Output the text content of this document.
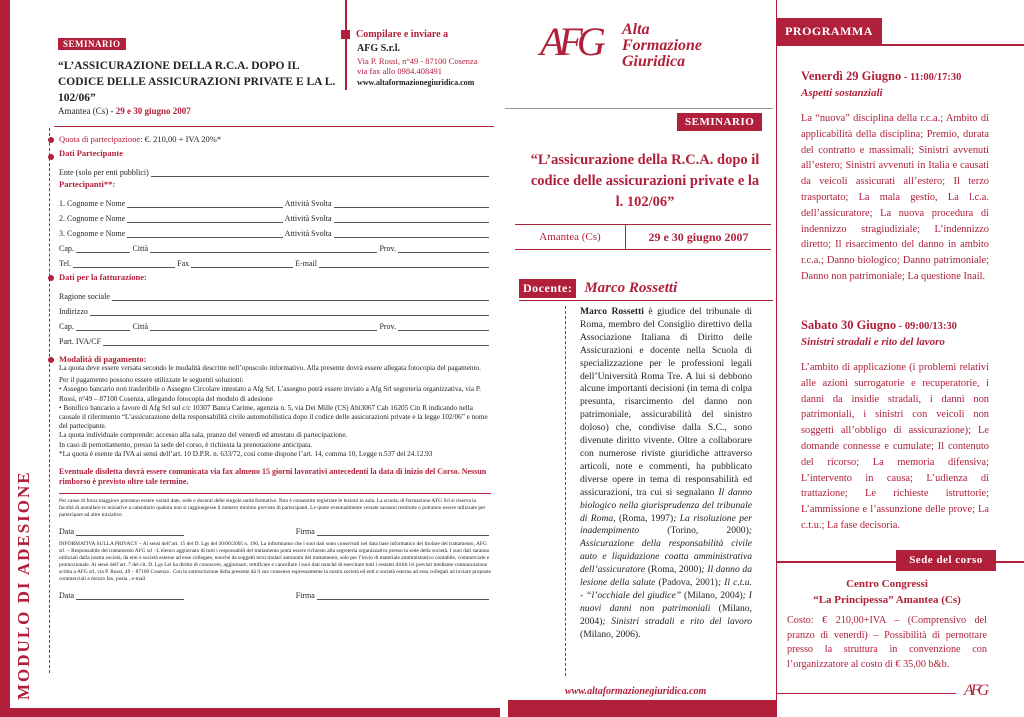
MODULO DI ADESIONE
SEMINARIO
“L’ASSICURAZIONE DELLA R.C.A. DOPO IL CODICE DELLE ASSICURAZIONI PRIVATE E LA L. 102/06”
Amantea (Cs) - 29 e 30 giugno 2007
Quota di partecipazione: €. 210,00 + IVA 20%*
Dati Partecipante
Ente (solo per enti pubblici)
Partecipanti**:
1. Cognome e Nome	Attività Svolta
2. Cognome e Nome	Attività Svolta
3. Cognome e Nome	Attività Svolta
Cap.	Città	Prov.
Tel.	Fax	E-mail
Dati per la fatturazione:
Ragione sociale
Indirizzo
Cap.	Città	Prov.
Part. IVA/CF
Modalità di pagamento:
La quota deve essere versata secondo le modalità descritte nell’opuscolo informativo. Alla presente dovrà essere allegata fotocopia del pagamento.
Per il pagamento possono essere utilizzate le seguenti soluzioni:
• Assegno bancario non trasferibile o Assegno Circolare intestato a Afg Srl. L’assegno potrà essere inviato a Afg Srl segreteria organizzativa, via P. Rossi, n°49 – 87100 Cosenza, allegando fotocopia del modulo di adesione
• Bonifico bancario a favore di Afg Srl sul c/c 10307 Banca Carime, agenzia n. 5, via Dei Mille (CS) Abi3067 Cab 16205 Cin R indicando nella causale il riferimento “L’assicurazione della responsabilità civile automobilistica dopo il codice delle assicurazioni private e la legge 102/06” e nome del partecipante.
La quota individuale comprende: accesso alla sala, pranzo del venerdì ed attestato di partecipazione.
In caso di pernottamento, presso la sede del corso, è richiesta la prenotazione anticipata.
*La quota è esente da IVA ai sensi dell’art. 10 D.P.R. n. 633/72, così come dispone l’art. 14, comma 10, Legge n.537 del 24.12.93
Eventuale disdetta dovrà essere comunicata via fax almeno 15 giorni lavorativi antecedenti la data di inizio del Corso. Nessun rimborso è previsto oltre tale termine.
Per cause di forza maggiore potranno essere variati date, sede e docenti delle singole unità formative. Non è consentito registrare le lezioni in aula. La scuola, di formazione AFG Srl si riserva la facoltà di annullare le iniziative a calendario qualora non si raggiungesse il numero minimo previsto di partecipanti. Le quote eventualmente versate saranno restituite o potranno essere utilizzate per partecipare ad altre iniziative.
Data	Firma
INFORMATIVA SULLA PRIVACY – Ai sensi dell’art. 15 del D. Lgs del 30/06/2005 n. 196, La informiamo che i suoi dati sono conservati nel data base informatico del titolare del trattamento, AFG srl. – Responsabile del trattamento AFG srl –L’elenco aggiornato di tutti i responsabili del trattamento potrà essere richiesto alla segreteria organizzativa presso la sede della società. I suoi dati saranno utilizzati dalla nostra società, da enti e società esterne ad esse collegate, nonché da soggetti terzi titolari autonomi del trattamento, solo per l’invio di materiale amministrativo contabile, commerciale e promozionale. Ai sensi dell’art. 7 del cit. D. Lgs Lei ha diritto di conoscere, aggiornare, rettificare e cancellare i suoi dati nonché di esercitare tutti i restanti diritti ivi previsti mediante comunicazione scritta a AFG srl, via P. Rossi, 49 – 87100 Cosenza . Con la sottoscrizione della presente dà il suo consenso espressamente la nostra società ed enti o società esterna ad essa collegati ad inviare proposte commerciali a mezzo fax, posta , e-mail
Data	Firma
Compilare e inviare a
AFG S.r.l.
Via P. Rossi, n°49 - 87100 Cosenza
via fax allo 0984.408491
www.altaformazionegiuridica.com
AFG Alta
Formazione
Giuridica
SEMINARIO
“L’assicurazione della R.C.A. dopo il codice delle assicurazioni private e la l. 102/06”
Amantea (Cs)	29 e 30 giugno 2007
Docente: Marco Rossetti
Marco Rossetti è giudice del tribunale di Roma, membro del Consiglio direttivo della Associazione Italiana di Diritto delle Assicurazioni e docente nella Scuola di specializzazione per le professioni legali dell’Università Roma Tre. A lui si debbono alcune importanti decisioni (in tema di colpa presunta, risarcimento del danno non patrimoniale, assicurabilità del sinistro doloso) che, condivise dalla S.C., sono divenute diritto vivente. Oltre a collaborare con numerose riviste giuridiche attraverso articoli, note e commenti, ha pubblicato diverse opere in tema di responsabilità ed assicurazioni, tra cui si segnalano Il danno biologico nella giurisprudenza del tribunale di Roma, (Roma, 1997); La risoluzione per inadempimento (Torino, 2000); Assicurazione della responsabilità civile auto e liquidazione coatta amministrativa dell’assicuratore (Roma, 2000); Il danno da lesione della salute (Padova, 2001); Il c.t.u. - “l’occhiale del giudice” (Milano, 2004); I nuovi danni non patrimoniali (Milano, 2004); Sinistri stradali e rito del lavoro (Milano, 2006).
www.altaformazionegiuridica.com
PROGRAMMA
Venerdì 29 Giugno - 11:00/17:30
Aspetti sostanziali
La “nuova” disciplina della r.c.a.; Ambito di applicabilità della disciplina; Premio, durata del contratto e massimali; Sinistri avvenuti all’estero; Sinistri avvenuti in Italia e causati da veicoli assicurati all’estero; Il terzo trasportato; La mala gestio, La l.c.a. dell’assicuratore; La nuova procedura di indennizzo stragiudiziale; L’indennizzo diretto; Il risarcimento del danno in ambito r.c.a.; Danno biologico; Danno patrimoniale; Danno non patrimoniale; La questione Inail.
Sabato 30 Giugno - 09:00/13:30
Sinistri stradali e rito del lavoro
L’ambito di applicazione (i problemi relativi alle azioni surrogatorie e recuperatorie, i danni da insidie stradali, i danni non patrimoniali, i sinistri con veicoli non soggetti all’obbligo di assicurazione); Le domande connesse e cumulate; Il contenuto del ricorso; La memoria difensiva; L’intervento in causa; L’udienza di trattazione; Le richieste istruttorie; L’ammissione e l’assunzione delle prove; La c.t.u.; La fase decisoria.
Sede del corso
Centro Congressi
“La Principessa” Amantea (Cs)
Costo: € 210,00+IVA – (Comprensivo del pranzo di venerdì) – Possibilità di pernottare presso la struttura in convenzione con l’organizzatore al costo di € 35,00 b&b.
AFG
